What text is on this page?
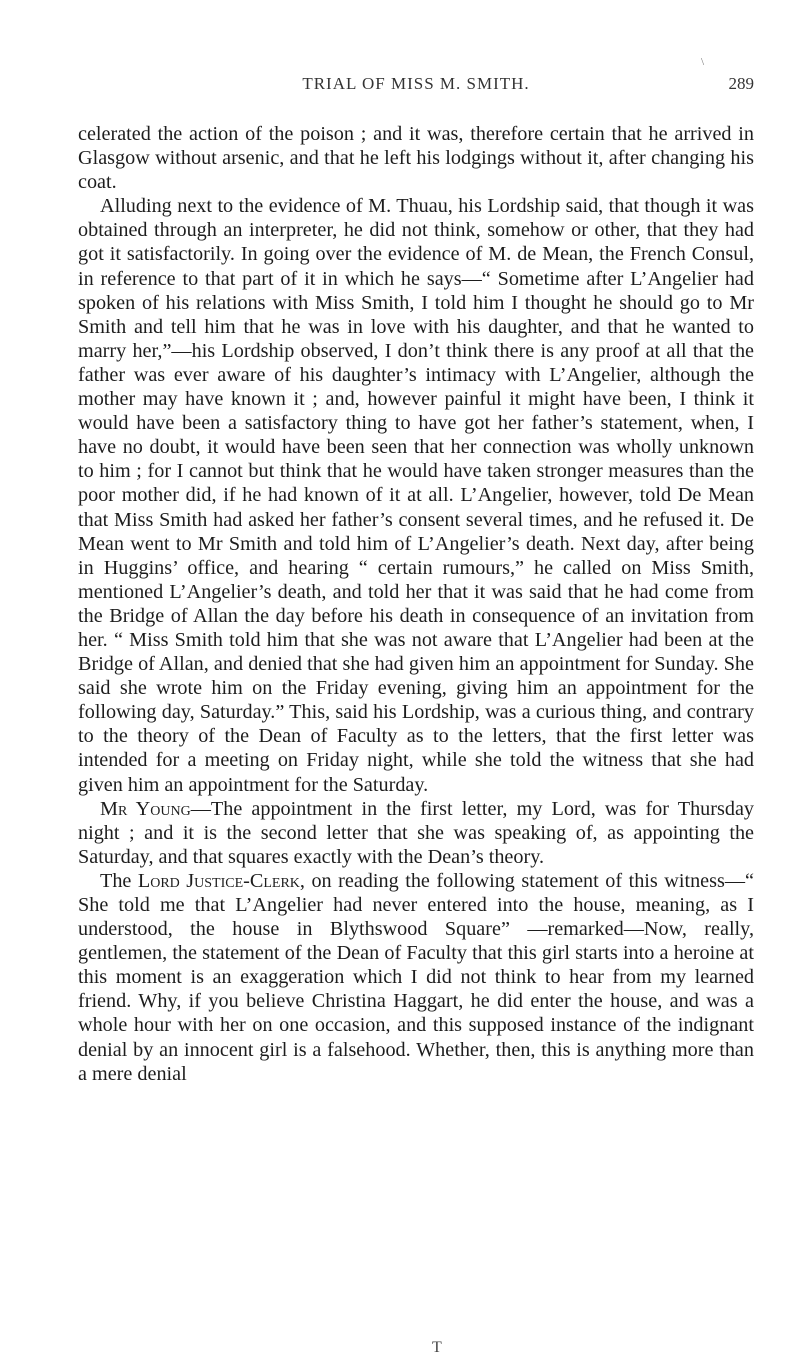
\
TRIAL OF MISS M. SMITH.	289

celerated the action of the poison ; and it was, therefore certain that he arrived in Glasgow without arsenic, and that he left his lodgings without it, after changing his coat.

Alluding next to the evidence of M. Thuau, his Lordship said, that though it was obtained through an interpreter, he did not think, somehow or other, that they had got it satisfactorily. In going over the evidence of M. de Mean, the French Consul, in reference to that part of it in which he says—“ Sometime after L’Angelier had spoken of his relations with Miss Smith, I told him I thought he should go to Mr Smith and tell him that he was in love with his daughter, and that he wanted to marry her,”—his Lordship observed, I don’t think there is any proof at all that the father was ever aware of his daughter’s intimacy with L’Angelier, although the mother may have known it ; and, however painful it might have been, I think it would have been a satisfactory thing to have got her father’s statement, when, I have no doubt, it would have been seen that her connection was wholly unknown to him ; for I cannot but think that he would have taken stronger measures than the poor mother did, if he had known of it at all. L’Angelier, however, told De Mean that Miss Smith had asked her father’s consent several times, and he refused it. De Mean went to Mr Smith and told him of L’Angelier’s death. Next day, after being in Huggins’ office, and hearing “ certain rumours,” he called on Miss Smith, mentioned L’Angelier’s death, and told her that it was said that he had come from the Bridge of Allan the day before his death in consequence of an invitation from her. “ Miss Smith told him that she was not aware that L’Angelier had been at the Bridge of Allan, and denied that she had given him an appointment for Sunday. She said she wrote him on the Friday evening, giving him an appointment for the following day, Saturday.” This, said his Lordship, was a curious thing, and contrary to the theory of the Dean of Faculty as to the letters, that the first letter was intended for a meeting on Friday night, while she told the witness that she had given him an appointment for the Saturday.

Mr Young—The appointment in the first letter, my Lord, was for Thursday night ; and it is the second letter that she was speaking of, as appointing the Saturday, and that squares exactly with the Dean’s theory.

The Lord Justice-Clerk, on reading the following statement of this witness—“ She told me that L’Angelier had never entered into the house, meaning, as I understood, the house in Blythswood Square” —remarked—Now, really, gentlemen, the statement of the Dean of Faculty that this girl starts into a heroine at this moment is an exaggeration which I did not think to hear from my learned friend. Why, if you believe Christina Haggart, he did enter the house, and was a whole hour with her on one occasion, and this supposed instance of the indignant denial by an innocent girl is a falsehood. Whether, then, this is anything more than a mere denial

T
